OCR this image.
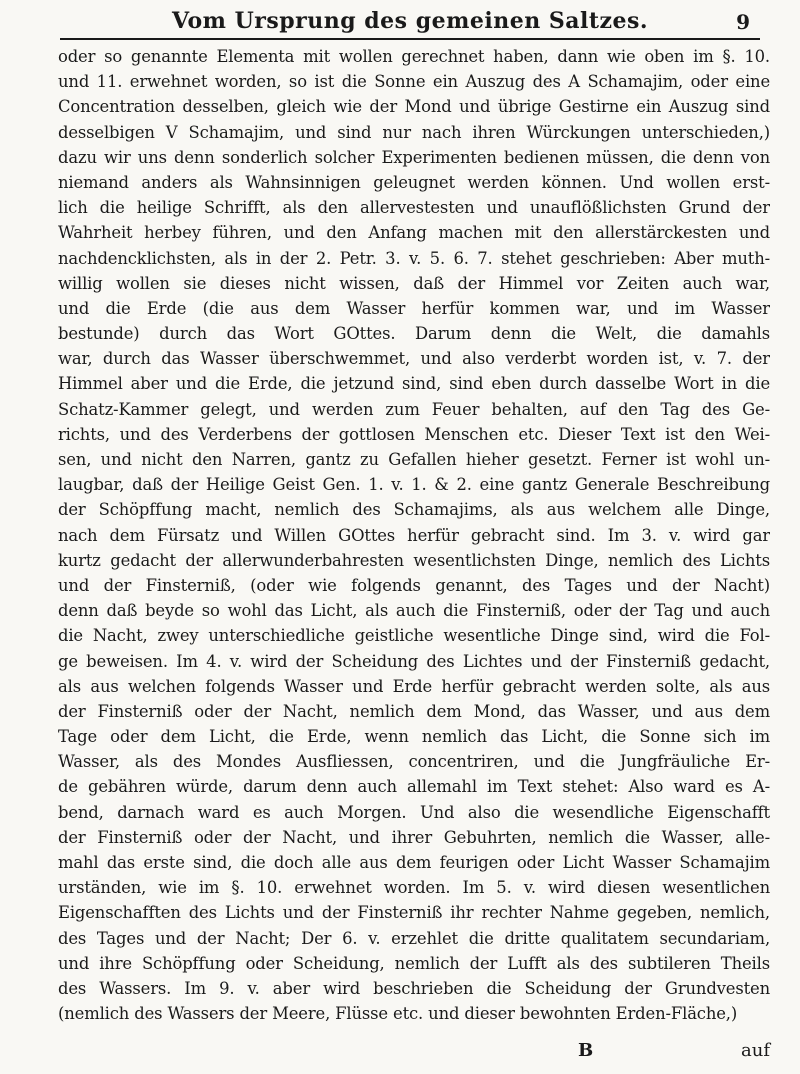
Vom Ursprung des gemeinen Saltzes.	9
oder so genannte Elementa mit wollen gerechnet haben, dann wie oben im §. 10.
und 11. erwehnet worden, so ist die Sonne ein Auszug des A Schamajim, oder eine
Concentration desselben, gleich wie der Mond und übrige Gestirne ein Auszug sind
desselbigen V Schamajim, und sind nur nach ihren Würckungen unterschieden,)
dazu wir uns denn sonderlich solcher Experimenten bedienen müssen, die denn von
niemand anders als Wahnsinnigen geleugnet werden können. Und wollen erst-
lich die heilige Schrifft, als den allervestesten und unauflößlichsten Grund der
Wahrheit herbey führen, und den Anfang machen mit den allerstärckesten und
nachdencklichsten, als in der 2. Petr. 3. v. 5. 6. 7. stehet geschrieben: Aber muth-
willig wollen sie dieses nicht wissen, daß der Himmel vor Zeiten auch war,
und die Erde (die aus dem Wasser herfür kommen war, und im Wasser
bestunde) durch das Wort GOttes. Darum denn die Welt, die damahls
war, durch das Wasser überschwemmet, und also verderbt worden ist, v. 7. der
Himmel aber und die Erde, die jetzund sind, sind eben durch dasselbe Wort in die
Schatz-Kammer gelegt, und werden zum Feuer behalten, auf den Tag des Ge-
richts, und des Verderbens der gottlosen Menschen etc. Dieser Text ist den Wei-
sen, und nicht den Narren, gantz zu Gefallen hieher gesetzt. Ferner ist wohl un-
laugbar, daß der Heilige Geist Gen. 1. v. 1. & 2. eine gantz Generale Beschreibung
der Schöpffung macht, nemlich des Schamajims, als aus welchem alle Dinge,
nach dem Fürsatz und Willen GOttes herfür gebracht sind. Im 3. v. wird gar
kurtz gedacht der allerwunderbahresten wesentlichsten Dinge, nemlich des Lichts
und der Finsterniß, (oder wie folgends genannt, des Tages und der Nacht)
denn daß beyde so wohl das Licht, als auch die Finsterniß, oder der Tag und auch
die Nacht, zwey unterschiedliche geistliche wesentliche Dinge sind, wird die Fol-
ge beweisen. Im 4. v. wird der Scheidung des Lichtes und der Finsterniß gedacht,
als aus welchen folgends Wasser und Erde herfür gebracht werden solte, als aus
der Finsterniß oder der Nacht, nemlich dem Mond, das Wasser, und aus dem
Tage oder dem Licht, die Erde, wenn nemlich das Licht, die Sonne sich im
Wasser, als des Mondes Ausfliessen, concentriren, und die Jungfräuliche Er-
de gebähren würde, darum denn auch allemahl im Text stehet: Also ward es A-
bend, darnach ward es auch Morgen. Und also die wesendliche Eigenschafft
der Finsterniß oder der Nacht, und ihrer Gebuhrten, nemlich die Wasser, alle-
mahl das erste sind, die doch alle aus dem feurigen oder Licht Wasser Schamajim
urständen, wie im §. 10. erwehnet worden. Im 5. v. wird diesen wesentlichen
Eigenschafften des Lichts und der Finsterniß ihr rechter Nahme gegeben, nemlich,
des Tages und der Nacht; Der 6. v. erzehlet die dritte qualitatem secundariam,
und ihre Schöpffung oder Scheidung, nemlich der Lufft als des subtileren Theils
des Wassers. Im 9. v. aber wird beschrieben die Scheidung der Grundvesten
(nemlich des Wassers der Meere, Flüsse etc. und dieser bewohnten Erden-Fläche,)
B	auf
